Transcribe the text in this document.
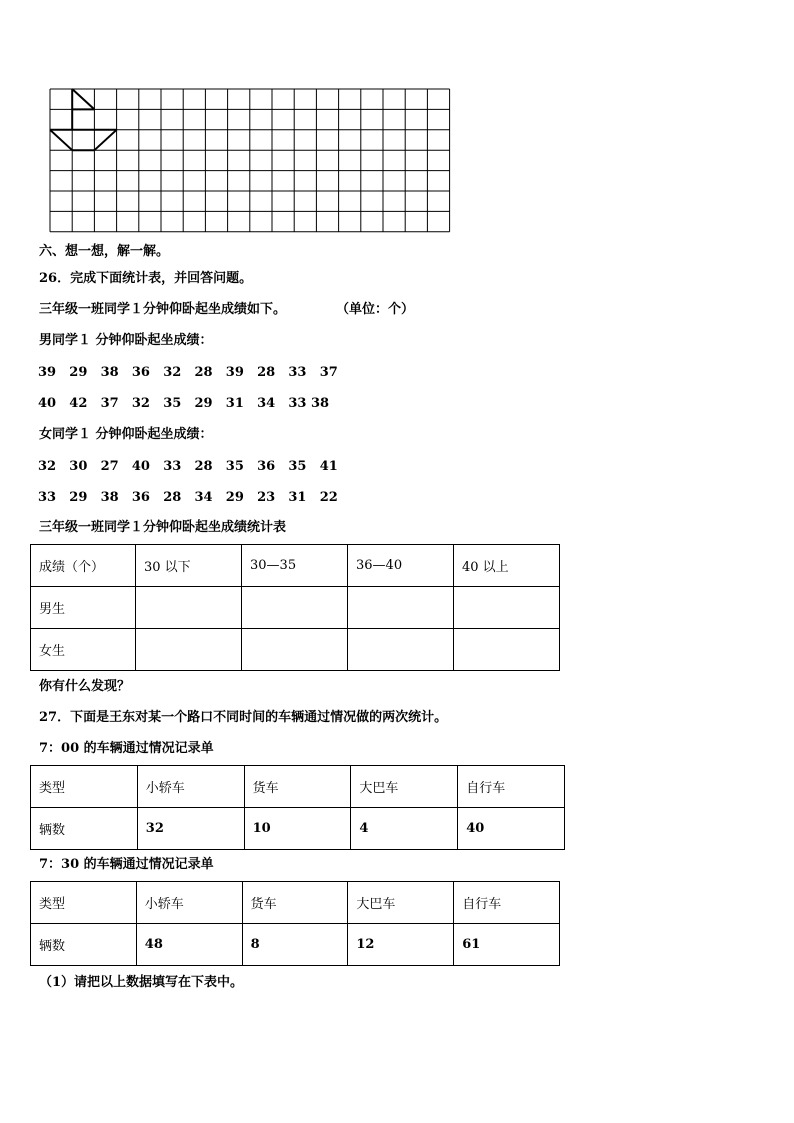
六、想一想，解一解。
26．完成下面统计表，并回答问题。
三年级一班同学１分钟仰卧起坐成绩如下。	（单位：个）
男同学１ 分钟仰卧起坐成绩：
39 29 38 36 32 28 39 28 33 37
40 42 37 32 35 29 31 34 33 38
女同学１ 分钟仰卧起坐成绩：
32 30 27 40 33 28 35 36 35 41
33 29 38 36 28 34 29 23 31 22
三年级一班同学１分钟仰卧起坐成绩统计表
成绩（个）	30 以下	30—35	36—40	40 以上
男生				
女生				
你有什么发现？
27．下面是王东对某一个路口不同时间的车辆通过情况做的两次统计。
7：00 的车辆通过情况记录单
类型	小轿车	货车	大巴车	自行车
辆数	32	10	4	40
7：30 的车辆通过情况记录单
类型	小轿车	货车	大巴车	自行车
辆数	48	8	12	61
（1）请把以上数据填写在下表中。
